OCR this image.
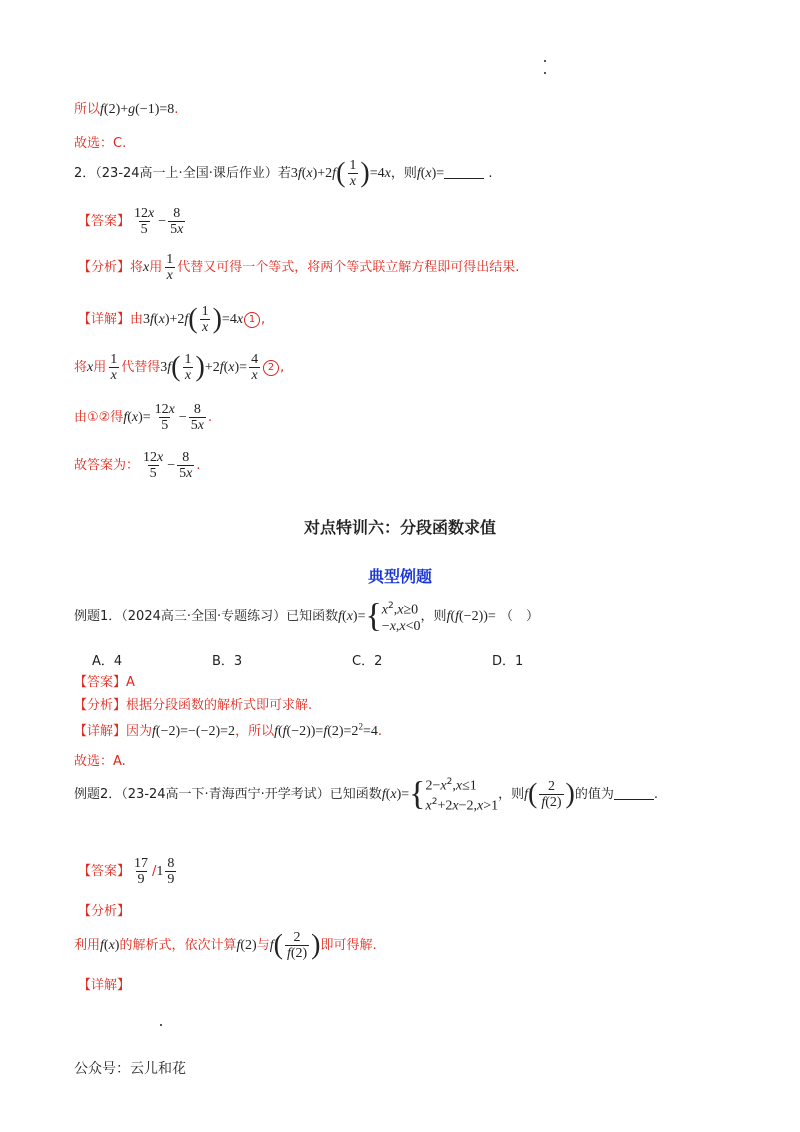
所以f(2)+g(−1)=8.
故选：C.
2．（23-24高一上·全国·课后作业）若$3f(x)+2f( \frac{1}{x} )=4x$，则f(x)=	.
【答案】 $\frac{12x}{5} - \frac{8}{5x}$
【分析】将x用 $\frac{1}{x}$ 代替又可得一个等式，将两个等式联立解方程即可得出结果.
【详解】由$3f(x)+2f( \frac{1}{x} )=4x$ 1 ,
将x用 $\frac{1}{x}$ 代替得$3f( \frac{1}{x} )+2f(x)= \frac{4}{x} 2$ ,
由①②得$f(x)= \frac{12x}{5} - \frac{8}{5x}$ .
故答案为： $\frac{12x}{5} - \frac{8}{5x}$ .
对点特训六：分段函数求值
典型例题
例题1．（2024高三·全国·专题练习）已知函数f(x)={ $x^2,x\ge 0$
−x,x<0
，则f(f(−2))= （　）
A．4	B．3	C．2	D．1
【答案】A
【分析】根据分段函数的解析式即可求解.
【详解】因为f(−2)=−(−2)=2，所以$f(f(-2))=f(2)=2^2=4$.
故选：A.
例题2．（23-24高一下·青海西宁·开学考试）已知函数f(x)={ $2-x^2,x\le 1$
$x^2+2x-2,x>1$
，则$f( \frac{2}{f(2)}$ )的值为	.
【答案】 $\frac{17}{9} /1 \frac{8}{9}$
【分析】
利用f(x)的解析式，依次计算f(2)与$f( \frac{2}{f(2)}$ )即可得解.
【详解】
公众号：云儿和花
